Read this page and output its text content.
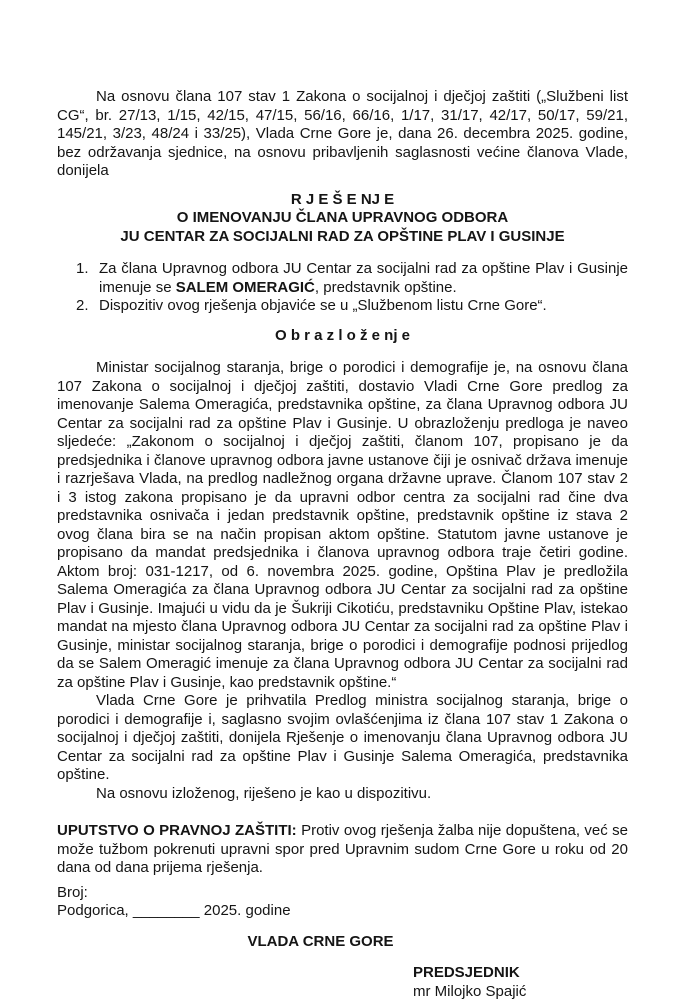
Na osnovu člana 107 stav 1 Zakona o socijalnoj i dječjoj zaštiti („Službeni list CG“, br. 27/13, 1/15, 42/15, 47/15, 56/16, 66/16, 1/17, 31/17, 42/17, 50/17, 59/21, 145/21, 3/23, 48/24 i 33/25), Vlada Crne Gore je, dana 26. decembra 2025. godine, bez održavanja sjednice, na osnovu pribavljenih saglasnosti većine članova Vlade, donijela

R J E Š E NJ E
O IMENOVANJU ČLANA UPRAVNOG ODBORA
JU CENTAR ZA SOCIJALNI RAD ZA OPŠTINE PLAV I GUSINJE
1. Za člana Upravnog odbora JU Centar za socijalni rad za opštine Plav i Gusinje imenuje se SALEM OMERAGIĆ, predstavnik opštine.
2. Dispozitiv ovog rješenja objaviće se u „Službenom listu Crne Gore“.
O b r a z l o ž e nj e

Ministar socijalnog staranja, brige o porodici i demografije je, na osnovu člana 107 Zakona o socijalnoj i dječjoj zaštiti, dostavio Vladi Crne Gore predlog za imenovanje Salema Omeragića, predstavnika opštine, za člana Upravnog odbora JU Centar za socijalni rad za opštine Plav i Gusinje. U obrazloženju predloga je naveo sljedeće: „Zakonom o socijalnoj i dječjoj zaštiti, članom 107, propisano je da predsjednika i članove upravnog odbora javne ustanove čiji je osnivač država imenuje i razrješava Vlada, na predlog nadležnog organa državne uprave. Članom 107 stav 2 i 3 istog zakona propisano je da upravni odbor centra za socijalni rad čine dva predstavnika osnivača i jedan predstavnik opštine, predstavnik opštine iz stava 2 ovog člana bira se na način propisan aktom opštine. Statutom javne ustanove je propisano da mandat predsjednika i članova upravnog odbora traje četiri godine. Aktom broj: 031-1217, od 6. novembra 2025. godine, Opština Plav je predložila Salema Omeragića za člana Upravnog odbora JU Centar za socijalni rad za opštine Plav i Gusinje. Imajući u vidu da je Šukriji Cikotiću, predstavniku Opštine Plav, istekao mandat na mjesto člana Upravnog odbora JU Centar za socijalni rad za opštine Plav i Gusinje, ministar socijalnog staranja, brige o porodici i demografije podnosi prijedlog da se Salem Omeragić imenuje za člana Upravnog odbora JU Centar za socijalni rad za opštine Plav i Gusinje, kao predstavnik opštine.“

Vlada Crne Gore je prihvatila Predlog ministra socijalnog staranja, brige o porodici i demografije i, saglasno svojim ovlašćenjima iz člana 107 stav 1 Zakona o socijalnoj i dječjoj zaštiti, donijela Rješenje o imenovanju člana Upravnog odbora JU Centar za socijalni rad za opštine Plav i Gusinje Salema Omeragića, predstavnika opštine.

Na osnovu izloženog, riješeno je kao u dispozitivu.

UPUTSTVO O PRAVNOJ ZAŠTITI: Protiv ovog rješenja žalba nije dopuštena, već se može tužbom pokrenuti upravni spor pred Upravnim sudom Crne Gore u roku od 20 dana od dana prijema rješenja.

Broj:
Podgorica, ________ 2025. godine
VLADA CRNE GORE
PREDSJEDNIK
mr Milojko Spajić
